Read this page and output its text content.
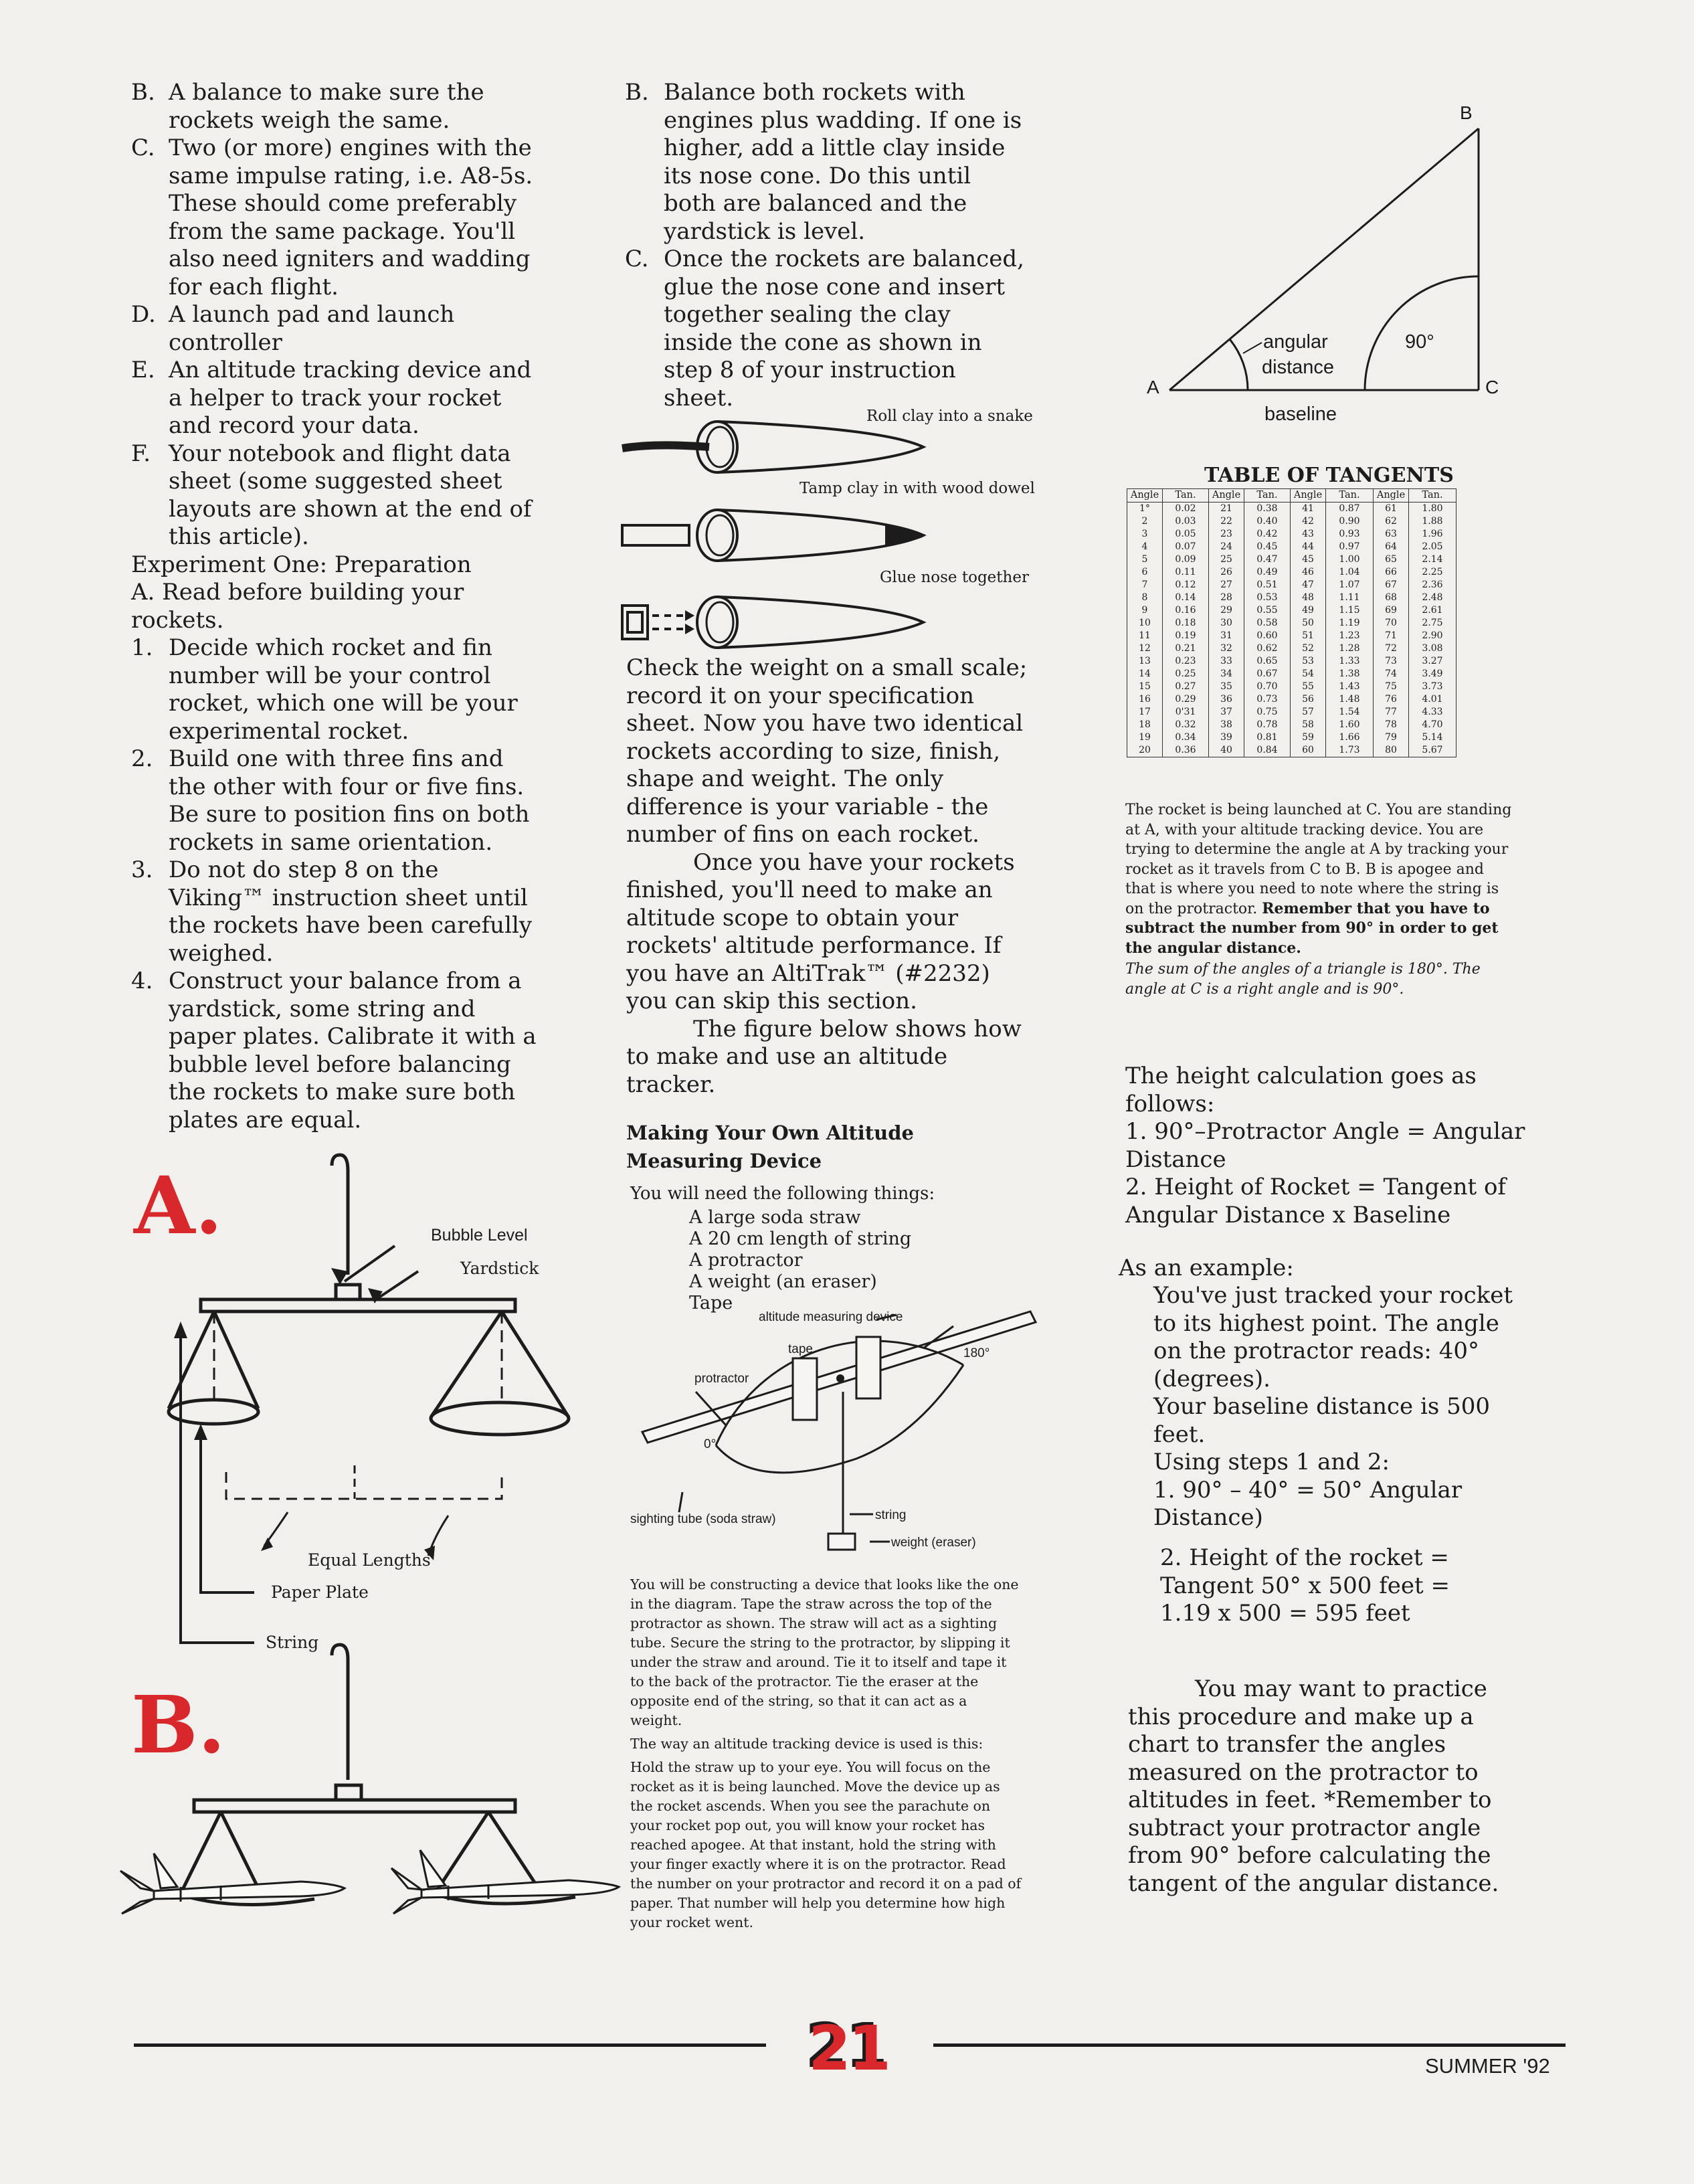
B. A balance to make sure the rockets weigh the same.
C. Two (or more) engines with the same impulse rating, i.e. A8-5s. These should come preferably from the same package. You'll also need igniters and wadding for each flight.
D. A launch pad and launch controller
E. An altitude tracking device and a helper to track your rocket and record your data.
F. Your notebook and flight data sheet (some suggested sheet layouts are shown at the end of this article).
Experiment One: Preparation
A. Read before building your rockets.
1. Decide which rocket and fin number will be your control rocket, which one will be your experimental rocket.
2. Build one with three fins and the other with four or five fins. Be sure to position fins on both rockets in same orientation.
3. Do not do step 8 on the Viking™ instruction sheet until the rockets have been carefully weighed.
4. Construct your balance from a yardstick, some string and paper plates. Calibrate it with a bubble level before balancing the rockets to make sure both plates are equal.
A.	Bubble Level
Yardstick
Equal Lengths
Paper Plate
String
B.
B. Balance both rockets with engines plus wadding. If one is higher, add a little clay inside its nose cone. Do this until both are balanced and the yardstick is level.
C. Once the rockets are balanced, glue the nose cone and insert together sealing the clay inside the cone as shown in step 8 of your instruction sheet.
Roll clay into a snake
Tamp clay in with wood dowel
Glue nose together
Check the weight on a small scale; record it on your specification sheet. Now you have two identical rockets according to size, finish, shape and weight. The only difference is your variable - the number of fins on each rocket.
Once you have your rockets finished, you'll need to make an altitude scope to obtain your rockets' altitude performance. If you have an AltiTrak™ (#2232) you can skip this section.
The figure below shows how to make and use an altitude tracker.
Making Your Own Altitude Measuring Device
You will need the following things:
A large soda straw
A 20 cm length of string
A protractor
A weight (an eraser)
Tape
altitude measuring device
tape	180°
protractor
0°
sighting tube (soda straw)	string
weight (eraser)
You will be constructing a device that looks like the one in the diagram. Tape the straw across the top of the protractor as shown. The straw will act as a sighting tube. Secure the string to the protractor, by slipping it under the straw and around. Tie it to itself and tape it to the back of the protractor. Tie the eraser at the opposite end of the string, so that it can act as a weight.
The way an altitude tracking device is used is this:
Hold the straw up to your eye. You will focus on the rocket as it is being launched. Move the device up as the rocket ascends. When you see the parachute on your rocket pop out, you will know your rocket has reached apogee. At that instant, hold the string with your finger exactly where it is on the protractor. Read the number on your protractor and record it on a pad of paper. That number will help you determine how high your rocket went.
B
A	C
angular
distance
90°
baseline
TABLE OF TANGENTS
Angle	Tan.	Angle	Tan.	Angle	Tan.	Angle	Tan.
1°	0.02	21	0.38	41	0.87	61	1.80
2	0.03	22	0.40	42	0.90	62	1.88
3	0.05	23	0.42	43	0.93	63	1.96
4	0.07	24	0.45	44	0.97	64	2.05
5	0.09	25	0.47	45	1.00	65	2.14
6	0.11	26	0.49	46	1.04	66	2.25
7	0.12	27	0.51	47	1.07	67	2.36
8	0.14	28	0.53	48	1.11	68	2.48
9	0.16	29	0.55	49	1.15	69	2.61
10	0.18	30	0.58	50	1.19	70	2.75
11	0.19	31	0.60	51	1.23	71	2.90
12	0.21	32	0.62	52	1.28	72	3.08
13	0.23	33	0.65	53	1.33	73	3.27
14	0.25	34	0.67	54	1.38	74	3.49
15	0.27	35	0.70	55	1.43	75	3.73
16	0.29	36	0.73	56	1.48	76	4.01
17	0'31	37	0.75	57	1.54	77	4.33
18	0.32	38	0.78	58	1.60	78	4.70
19	0.34	39	0.81	59	1.66	79	5.14
20	0.36	40	0.84	60	1.73	80	5.67
The rocket is being launched at C. You are standing at A, with your altitude tracking device. You are trying to determine the angle at A by tracking your rocket as it travels from C to B. B is apogee and that is where you need to note where the string is on the protractor. Remember that you have to subtract the number from 90° in order to get the angular distance.
The sum of the angles of a triangle is 180°. The angle at C is a right angle and is 90°.
The height calculation goes as follows:
1. 90°–Protractor Angle = Angular Distance
2. Height of Rocket = Tangent of Angular Distance x Baseline
As an example:
You've just tracked your rocket to its highest point. The angle on the protractor reads: 40° (degrees).
Your baseline distance is 500 feet.
Using steps 1 and 2:
1. 90° – 40° = 50° Angular Distance)
2. Height of the rocket = Tangent 50° x 500 feet = 1.19 x 500 = 595 feet
You may want to practice this procedure and make up a chart to transfer the angles measured on the protractor to altitudes in feet. *Remember to subtract your protractor angle from 90° before calculating the tangent of the angular distance.
21	SUMMER '92
